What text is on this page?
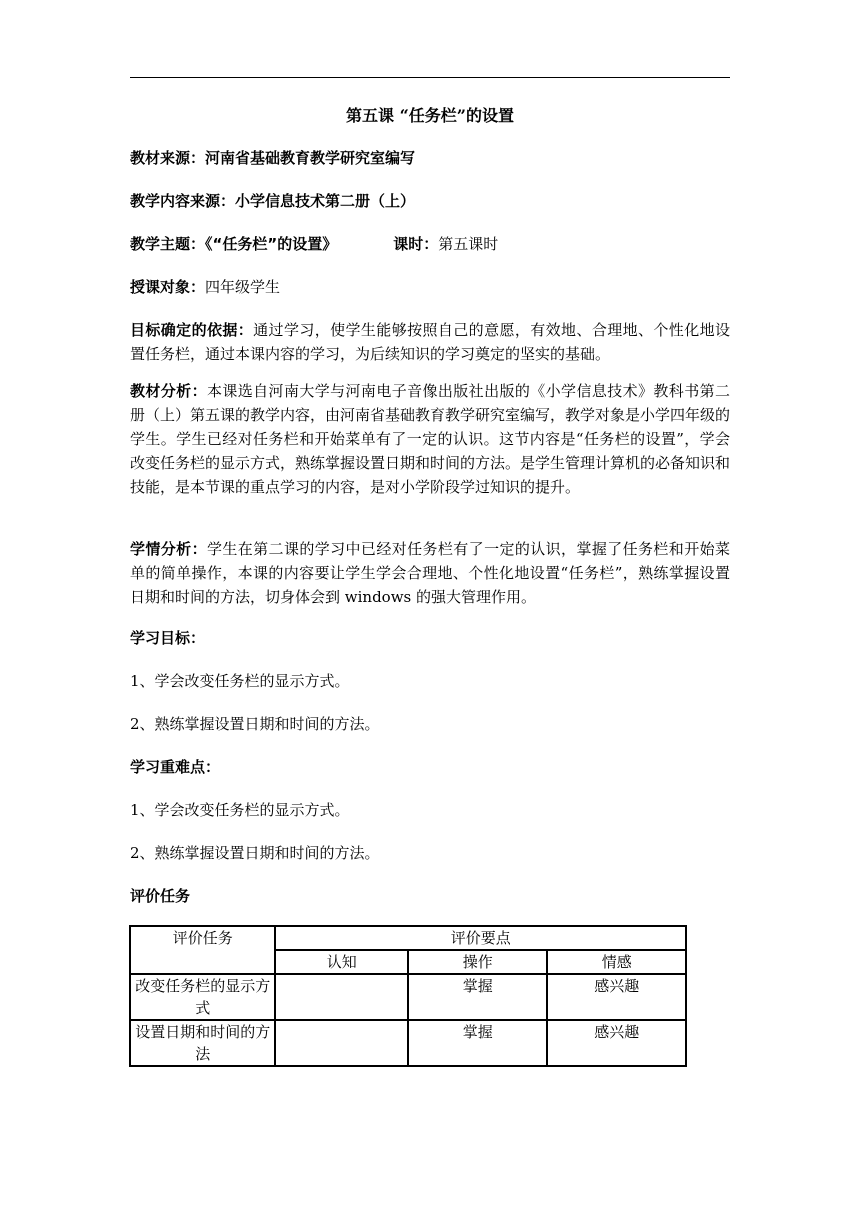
第五课 “任务栏”的设置
教材来源：河南省基础教育教学研究室编写
教学内容来源：小学信息技术第二册（上）
教学主题：《“任务栏”的设置》	课时：第五课时
授课对象：四年级学生
目标确定的依据：通过学习，使学生能够按照自己的意愿，有效地、合理地、个性化地设置任务栏，通过本课内容的学习，为后续知识的学习奠定的坚实的基础。
教材分析：本课选自河南大学与河南电子音像出版社出版的《小学信息技术》教科书第二册（上）第五课的教学内容，由河南省基础教育教学研究室编写，教学对象是小学四年级的学生。学生已经对任务栏和开始菜单有了一定的认识。这节内容是“任务栏的设置”，学会改变任务栏的显示方式，熟练掌握设置日期和时间的方法。是学生管理计算机的必备知识和技能，是本节课的重点学习的内容，是对小学阶段学过知识的提升。
学情分析：学生在第二课的学习中已经对任务栏有了一定的认识，掌握了任务栏和开始菜单的简单操作，本课的内容要让学生学会合理地、个性化地设置“任务栏”，熟练掌握设置日期和时间的方法，切身体会到 windows 的强大管理作用。
学习目标：
1、学会改变任务栏的显示方式。
2、熟练掌握设置日期和时间的方法。
学习重难点：
1、学会改变任务栏的显示方式。
2、熟练掌握设置日期和时间的方法。
评价任务
评价任务	评价要点		
	认知	操作	情感
改变任务栏的显示方式		掌握	感兴趣
设置日期和时间的方法		掌握	感兴趣
